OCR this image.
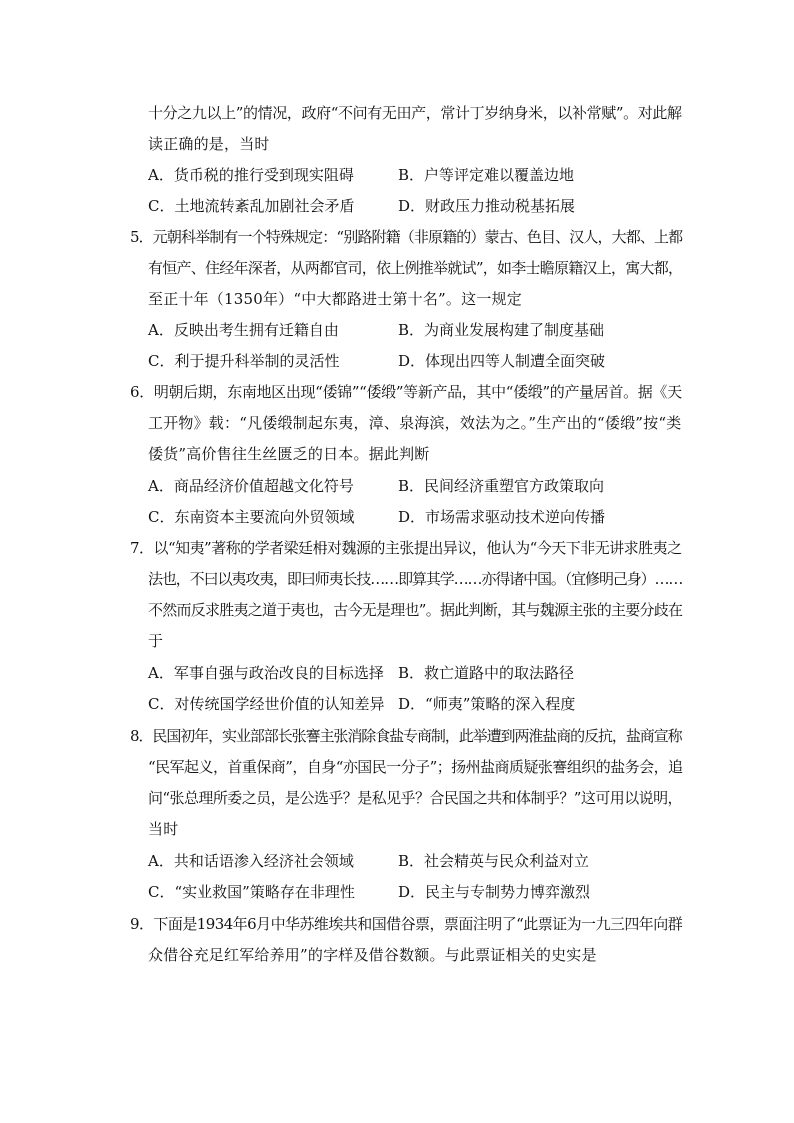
十分之九以上”的情况，政府“不问有无田产，常计丁岁纳身米，以补常赋”。对此解
读正确的是，当时
A．货币税的推行受到现实阻碍	B．户等评定难以覆盖边地
C．土地流转紊乱加剧社会矛盾	D．财政压力推动税基拓展
5．元朝科举制有一个特殊规定：“别路附籍（非原籍的）蒙古、色目、汉人，大都、上都
有恒产、住经年深者，从两都官司，依上例推举就试”，如李士瞻原籍汉上，寓大都，
至正十年（1350年）“中大都路进士第十名”。这一规定
A．反映出考生拥有迁籍自由	B．为商业发展构建了制度基础
C．利于提升科举制的灵活性	D．体现出四等人制遭全面突破
6．明朝后期，东南地区出现“倭锦”“倭缎”等新产品，其中“倭缎”的产量居首。据《天
工开物》载：“凡倭缎制起东夷，漳、泉海滨，效法为之。”生产出的“倭缎”按“类
倭货”高价售往生丝匮乏的日本。据此判断
A．商品经济价值超越文化符号	B．民间经济重塑官方政策取向
C．东南资本主要流向外贸领域	D．市场需求驱动技术逆向传播
7．以“知夷”著称的学者梁廷枏对魏源的主张提出异议，他认为“今天下非无讲求胜夷之
法也，不曰以夷攻夷，即曰师夷长技……即算其学……亦得诸中国。（宜修明己身）……
不然而反求胜夷之道于夷也，古今无是理也”。据此判断，其与魏源主张的主要分歧在
于
A．军事自强与政治改良的目标选择 B．救亡道路中的取法路径
C．对传统国学经世价值的认知差异 D．“师夷”策略的深入程度
8．民国初年，实业部部长张謇主张消除食盐专商制，此举遭到两淮盐商的反抗，盐商宣称
“民军起义，首重保商”，自身“亦国民一分子”；扬州盐商质疑张謇组织的盐务会，追
问“张总理所委之员，是公选乎？是私见乎？合民国之共和体制乎？”这可用以说明，
当时
A．共和话语渗入经济社会领域	B．社会精英与民众利益对立
C．“实业救国”策略存在非理性	D．民主与专制势力博弈激烈
9．下面是1934年6月中华苏维埃共和国借谷票，票面注明了“此票证为一九三四年向群
众借谷充足红军给养用”的字样及借谷数额。与此票证相关的史实是
